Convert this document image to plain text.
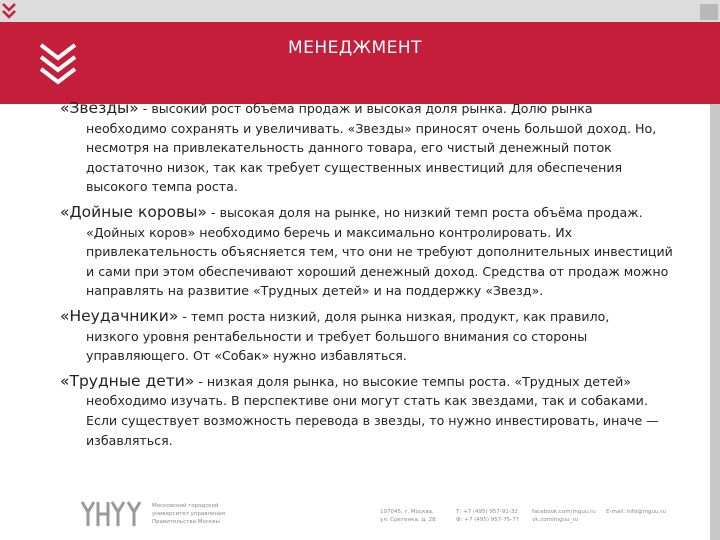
МЕНЕДЖМЕНТ
«Звезды» - высокий рост объёма продаж и высокая доля рынка. Долю рынка
необходимо сохранять и увеличивать. «Звезды» приносят очень большой доход. Но, несмотря на привлекательность данного товара, его чистый денежный поток достаточно низок, так как требует существенных инвестиций для обеспечения высокого темпа роста.
«Дойные коровы» - высокая доля на рынке, но низкий темп роста объёма продаж.
«Дойных коров» необходимо беречь и максимально контролировать. Их привлекательность объясняется тем, что они не требуют дополнительных инвестиций и сами при этом обеспечивают хороший денежный доход. Средства от продаж можно направлять на развитие «Трудных детей» и на поддержку «Звезд».
«Неудачники» - темп роста низкий, доля рынка низкая, продукт, как правило,
низкого уровня рентабельности и требует большого внимания со стороны управляющего. От «Собак» нужно избавляться.
«Трудные дети» - низкая доля рынка, но высокие темпы роста. «Трудных детей»
необходимо изучать. В перспективе они могут стать как звездами, так и собаками. Если существует возможность перевода в звезды, то нужно инвестировать, иначе — избавляться.
Московский городской
университет управления
Правительства Москвы
107045, г. Москва,
ул. Сретенка, д. 28
Т: +7 (495) 957-91-32
Ф: +7 (495) 957-75-77
facebook.com/mguu.ru
vk.com/mguu_ru
E-mail: info@mguu.ru
